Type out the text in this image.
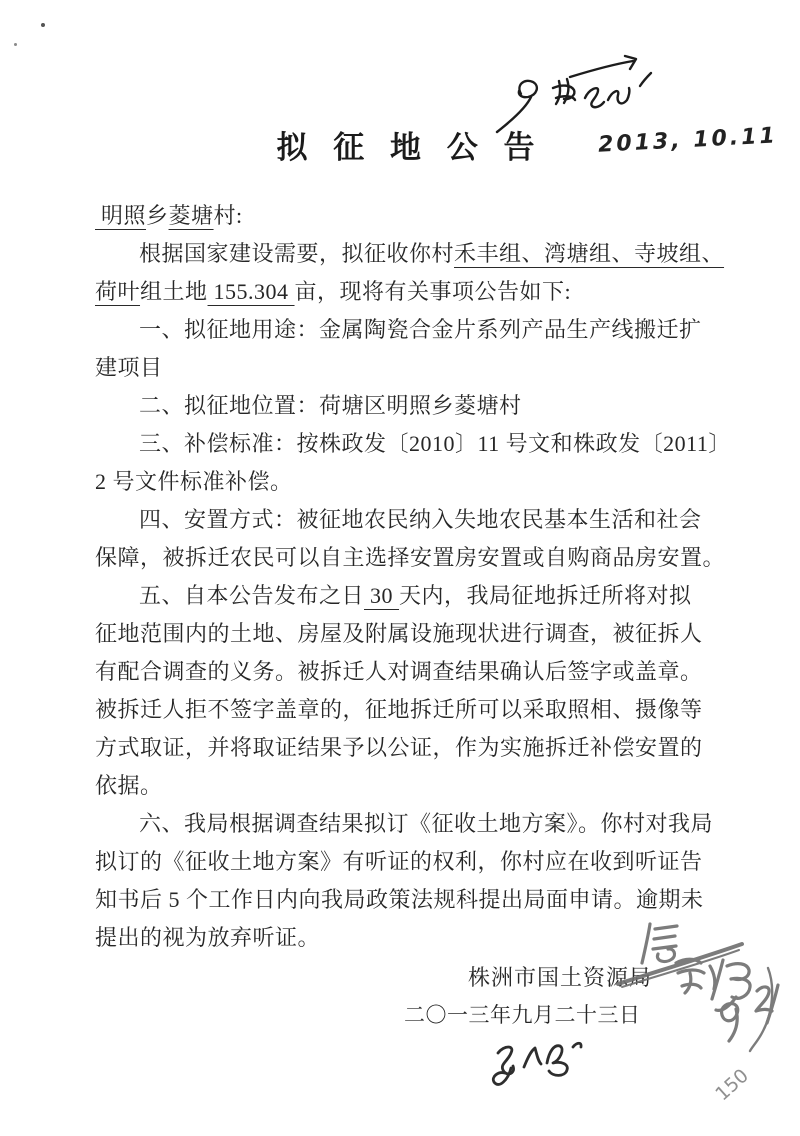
拟 征 地 公 告	2013, 10.11
明照乡菱塘村:
根据国家建设需要，拟征收你村禾丰组、湾塘组、寺坡组、
荷叶组土地 155.304 亩，现将有关事项公告如下:
一、拟征地用途：金属陶瓷合金片系列产品生产线搬迁扩
建项目
二、拟征地位置：荷塘区明照乡菱塘村
三、补偿标准：按株政发〔2010〕11 号文和株政发〔2011〕
2 号文件标准补偿。
四、安置方式：被征地农民纳入失地农民基本生活和社会
保障，被拆迁农民可以自主选择安置房安置或自购商品房安置。
五、自本公告发布之日 30 天内，我局征地拆迁所将对拟
征地范围内的土地、房屋及附属设施现状进行调查，被征拆人
有配合调查的义务。被拆迁人对调查结果确认后签字或盖章。
被拆迁人拒不签字盖章的，征地拆迁所可以采取照相、摄像等
方式取证，并将取证结果予以公证，作为实施拆迁补偿安置的
依据。
六、我局根据调查结果拟订《征收土地方案》。你村对我局
拟订的《征收土地方案》有听证的权利，你村应在收到听证告
知书后 5 个工作日内向我局政策法规科提出局面申请。逾期未
提出的视为放弃听证。
株洲市国土资源局
二〇一三年九月二十三日
150
